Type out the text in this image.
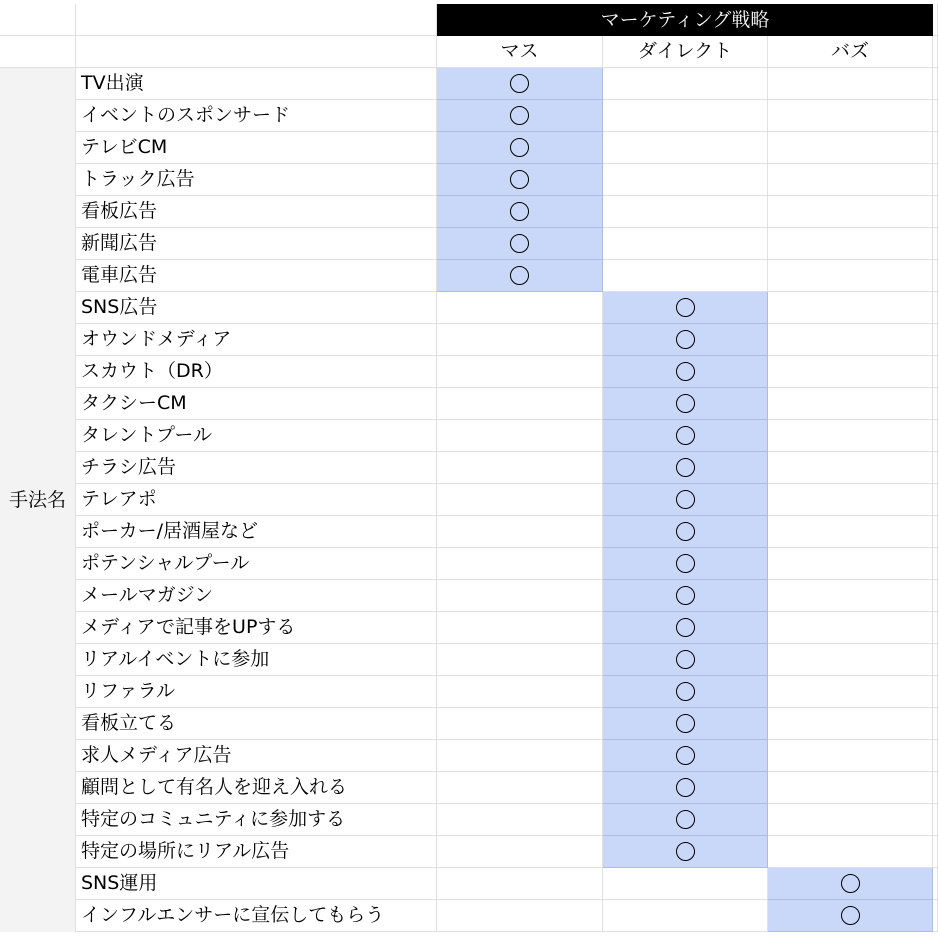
マーケティング戦略
マス	ダイレクト	バズ
手法名
TV出演
イベントのスポンサード
テレビCM
トラック広告
看板広告
新聞広告
電車広告
SNS広告
オウンドメディア
スカウト（DR）
タクシーCM
タレントプール
チラシ広告
テレアポ
ポーカー/居酒屋など
ポテンシャルプール
メールマガジン
メディアで記事をUPする
リアルイベントに参加
リファラル
看板立てる
求人メディア広告
顧問として有名人を迎え入れる
特定のコミュニティに参加する
特定の場所にリアル広告
SNS運用
インフルエンサーに宣伝してもらう
